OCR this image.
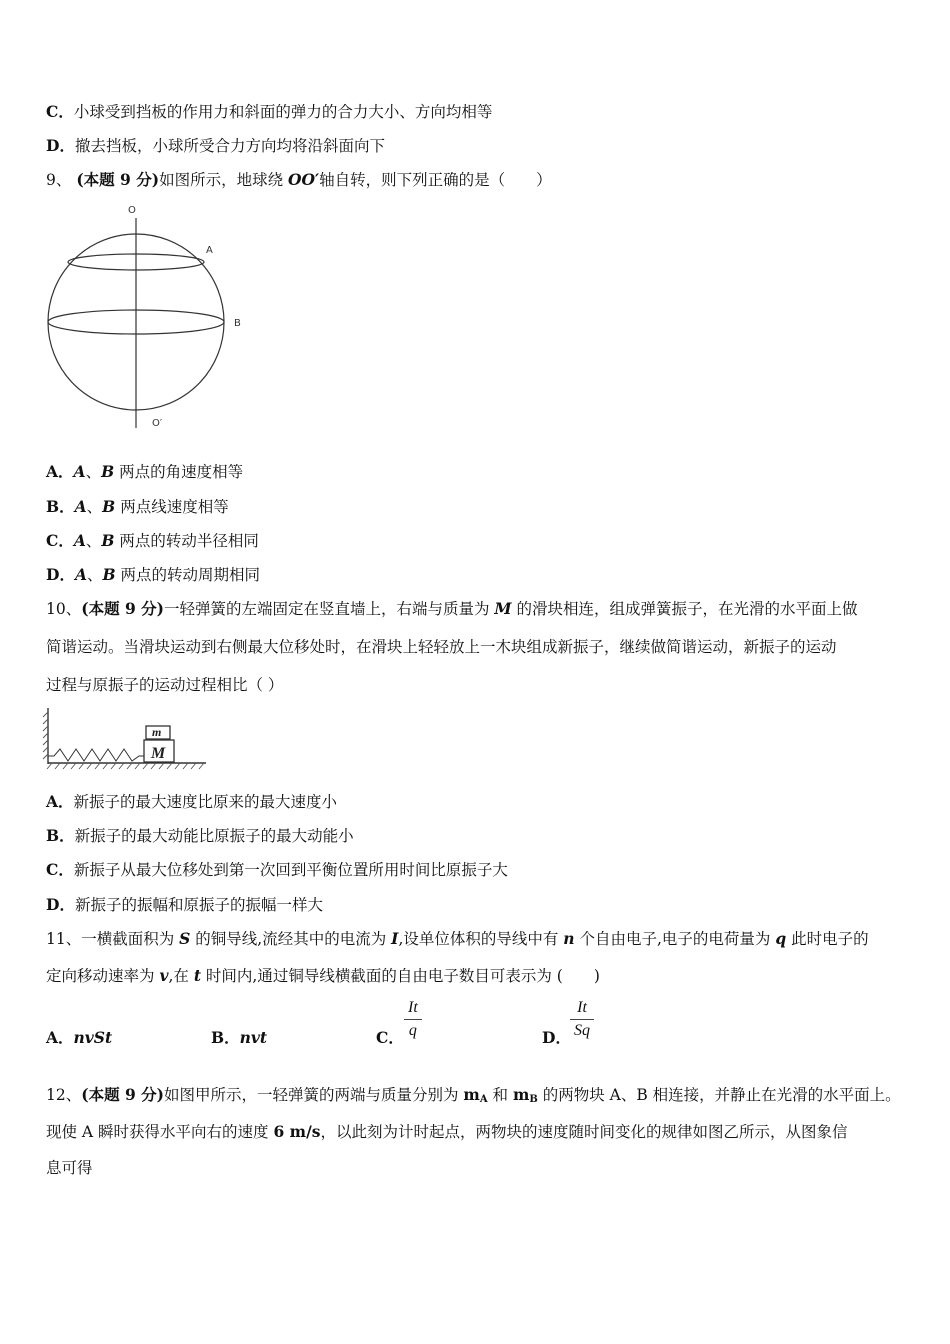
C．小球受到挡板的作用力和斜面的弹力的合力大小、方向均相等
D．撤去挡板，小球所受合力方向均将沿斜面向下
9、 (本题 9 分)如图所示，地球绕 OO′轴自转，则下列正确的是（　　）
O
A
B
O′
A．A、B 两点的角速度相等
B．A、B 两点线速度相等
C．A、B 两点的转动半径相同
D．A、B 两点的转动周期相同
10、(本题 9 分)一轻弹簧的左端固定在竖直墙上，右端与质量为 M 的滑块相连，组成弹簧振子，在光滑的水平面上做
简谐运动。当滑块运动到右侧最大位移处时，在滑块上轻轻放上一木块组成新振子，继续做简谐运动，新振子的运动
过程与原振子的运动过程相比（ ）
m
M
A．新振子的最大速度比原来的最大速度小
B．新振子的最大动能比原振子的最大动能小
C．新振子从最大位移处到第一次回到平衡位置所用时间比原振子大
D．新振子的振幅和原振子的振幅一样大
11、一横截面积为 S 的铜导线,流经其中的电流为 I,设单位体积的导线中有 n 个自由电子,电子的电荷量为 q 此时电子的
定向移动速率为 v,在 t 时间内,通过铜导线横截面的自由电子数目可表示为 (　　)
A．nvSt	B．nvt	C．
It
q	D．
It
Sq
12、(本题 9 分)如图甲所示，一轻弹簧的两端与质量分别为 $m_A$ 和 $m_B$ 的两物块 A、B 相连接，并静止在光滑的水平面上。
现使 A 瞬时获得水平向右的速度 6 m/s，以此刻为计时起点，两物块的速度随时间变化的规律如图乙所示，从图象信
息可得
